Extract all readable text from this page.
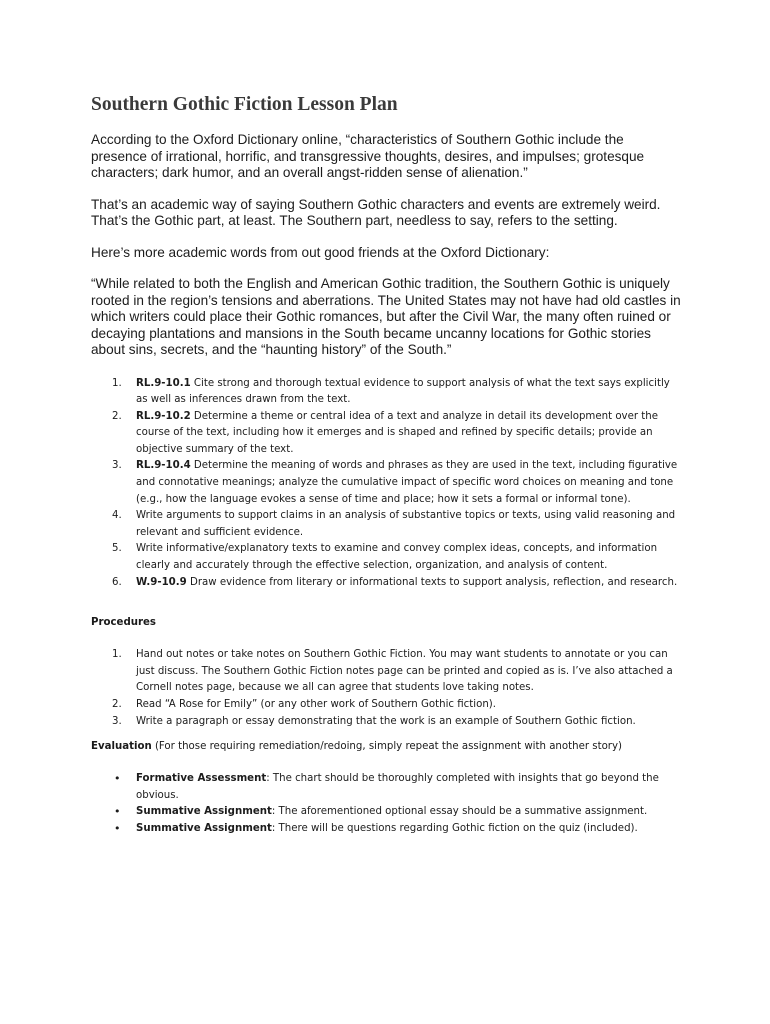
Southern Gothic Fiction Lesson Plan

According to the Oxford Dictionary online, “characteristics of Southern Gothic include the presence of irrational, horrific, and transgressive thoughts, desires, and impulses; grotesque characters; dark humor, and an overall angst-ridden sense of alienation.”

That’s an academic way of saying Southern Gothic characters and events are extremely weird. That’s the Gothic part, at least. The Southern part, needless to say, refers to the setting.

Here’s more academic words from out good friends at the Oxford Dictionary:

“While related to both the English and American Gothic tradition, the Southern Gothic is uniquely rooted in the region’s tensions and aberrations. The United States may not have had old castles in which writers could place their Gothic romances, but after the Civil War, the many often ruined or decaying plantations and mansions in the South became uncanny locations for Gothic stories about sins, secrets, and the “haunting history” of the South.”

1. RL.9-10.1 Cite strong and thorough textual evidence to support analysis of what the text says explicitly as well as inferences drawn from the text.
2. RL.9-10.2 Determine a theme or central idea of a text and analyze in detail its development over the course of the text, including how it emerges and is shaped and refined by specific details; provide an objective summary of the text.
3. RL.9-10.4 Determine the meaning of words and phrases as they are used in the text, including figurative and connotative meanings; analyze the cumulative impact of specific word choices on meaning and tone (e.g., how the language evokes a sense of time and place; how it sets a formal or informal tone).
4. Write arguments to support claims in an analysis of substantive topics or texts, using valid reasoning and relevant and sufficient evidence.
5. Write informative/explanatory texts to examine and convey complex ideas, concepts, and information clearly and accurately through the effective selection, organization, and analysis of content.
6. W.9-10.9 Draw evidence from literary or informational texts to support analysis, reflection, and research.
Procedures
1. Hand out notes or take notes on Southern Gothic Fiction. You may want students to annotate or you can just discuss. The Southern Gothic Fiction notes page can be printed and copied as is. I’ve also attached a Cornell notes page, because we all can agree that students love taking notes.
2. Read “A Rose for Emily” (or any other work of Southern Gothic fiction).
3. Write a paragraph or essay demonstrating that the work is an example of Southern Gothic fiction.
Evaluation (For those requiring remediation/redoing, simply repeat the assignment with another story)
• Formative Assessment: The chart should be thoroughly completed with insights that go beyond the obvious.
• Summative Assignment: The aforementioned optional essay should be a summative assignment.
• Summative Assignment: There will be questions regarding Gothic fiction on the quiz (included).
